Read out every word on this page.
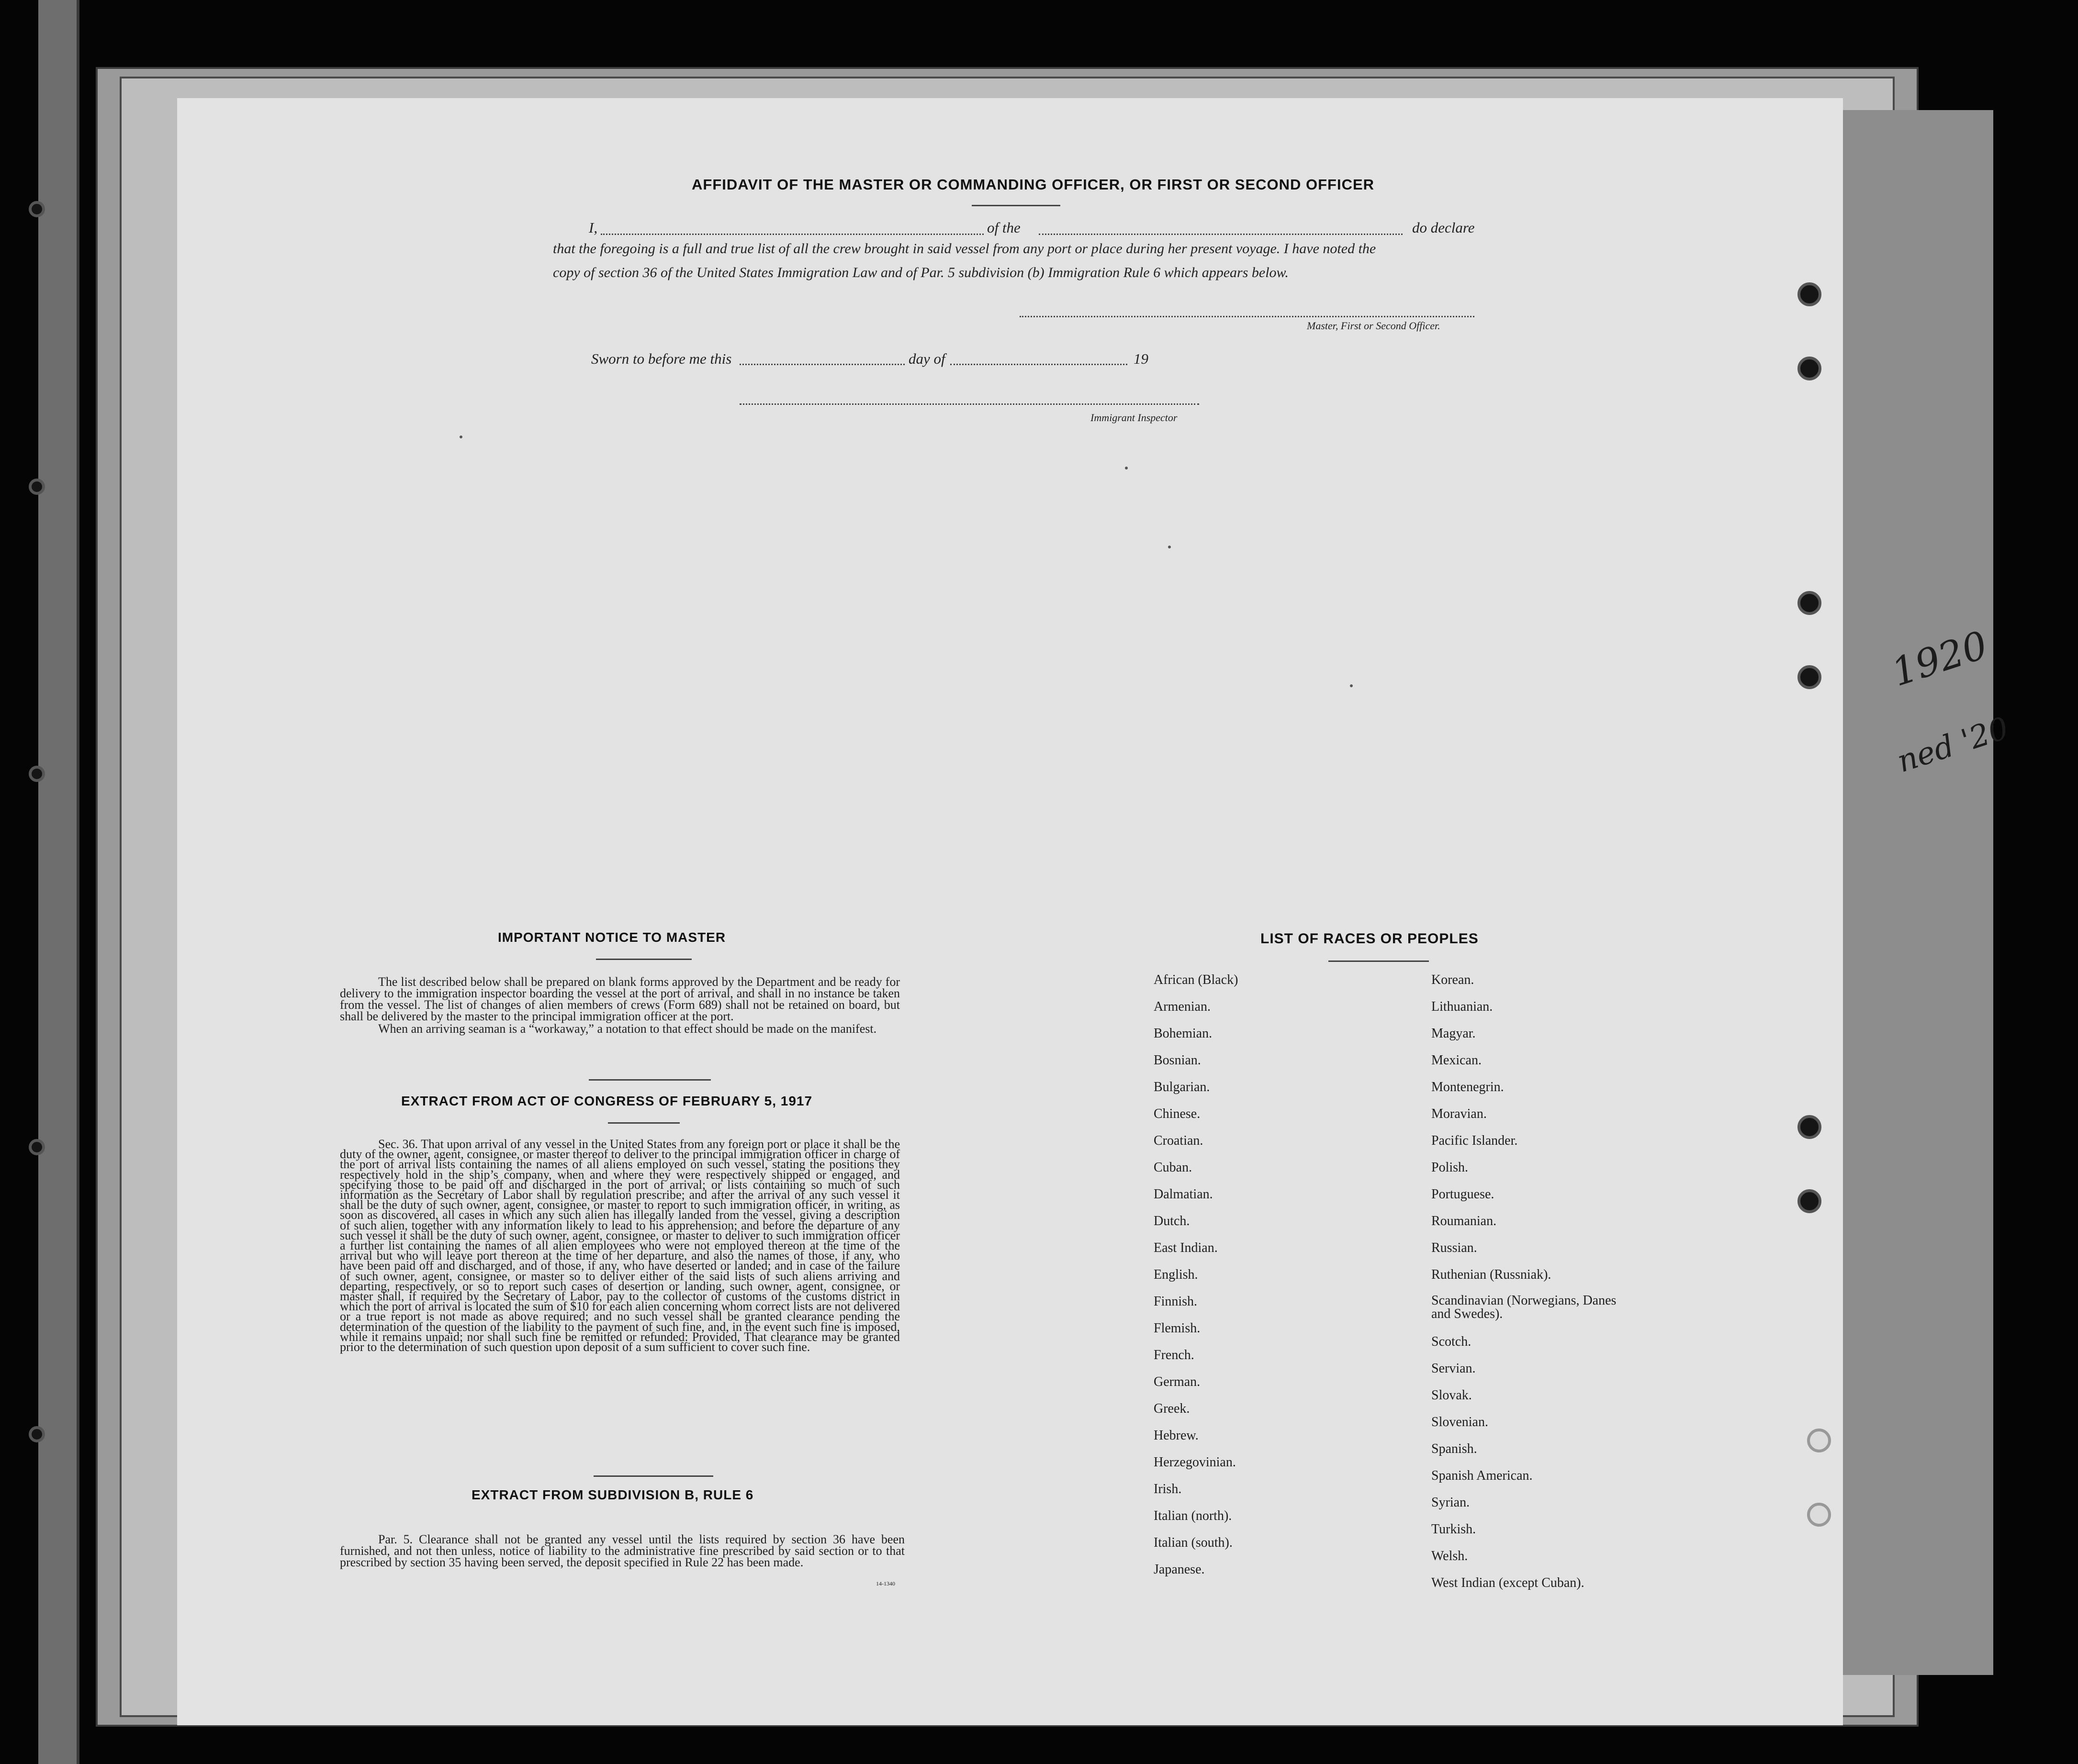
1920
ned '20
AFFIDAVIT OF THE MASTER OR COMMANDING OFFICER, OR FIRST OR SECOND OFFICER
I,	of the	do declare
that the foregoing is a full and true list of all the crew brought in said vessel from any port or place during her present voyage. I have noted the
copy of section 36 of the United States Immigration Law and of Par. 5 subdivision (b) Immigration Rule 6 which appears below.
Master, First or Second Officer.
Sworn to before me this	day of	19
Immigrant Inspector
IMPORTANT NOTICE TO MASTER
The list described below shall be prepared on blank forms approved by the Department and be ready for delivery to the immigration inspector boarding the vessel at the port of arrival, and shall in no instance be taken from the vessel. The list of changes of alien members of crews (Form 689) shall not be retained on board, but shall be delivered by the master to the principal immigration officer at the port.
When an arriving seaman is a “workaway,” a notation to that effect should be made on the manifest.
EXTRACT FROM ACT OF CONGRESS OF FEBRUARY 5, 1917
Sec. 36. That upon arrival of any vessel in the United States from any foreign port or place it shall be the duty of the owner, agent, consignee, or master thereof to deliver to the principal immigration officer in charge of the port of arrival lists containing the names of all aliens employed on such vessel, stating the positions they respectively hold in the ship’s company, when and where they were respectively shipped or engaged, and specifying those to be paid off and discharged in the port of arrival; or lists containing so much of such information as the Secretary of Labor shall by regulation prescribe; and after the arrival of any such vessel it shall be the duty of such owner, agent, consignee, or master to report to such immigration officer, in writing, as soon as discovered, all cases in which any such alien has illegally landed from the vessel, giving a description of such alien, together with any information likely to lead to his apprehension; and before the departure of any such vessel it shall be the duty of such owner, agent, consignee, or master to deliver to such immigration officer a further list containing the names of all alien employees who were not employed thereon at the time of the arrival but who will leave port thereon at the time of her departure, and also the names of those, if any, who have been paid off and discharged, and of those, if any, who have deserted or landed; and in case of the failure of such owner, agent, consignee, or master so to deliver either of the said lists of such aliens arriving and departing, respectively, or so to report such cases of desertion or landing, such owner, agent, consignee, or master shall, if required by the Secretary of Labor, pay to the collector of customs of the customs district in which the port of arrival is located the sum of $10 for each alien concerning whom correct lists are not delivered or a true report is not made as above required; and no such vessel shall be granted clearance pending the determination of the question of the liability to the payment of such fine, and, in the event such fine is imposed, while it remains unpaid; nor shall such fine be remitted or refunded: Provided, That clearance may be granted prior to the determination of such question upon deposit of a sum sufficient to cover such fine.
EXTRACT FROM SUBDIVISION B, RULE 6
Par. 5. Clearance shall not be granted any vessel until the lists required by section 36 have been furnished, and not then unless, notice of liability to the administrative fine prescribed by said section or to that prescribed by section 35 having been served, the deposit specified in Rule 22 has been made.
14-1340
LIST OF RACES OR PEOPLES
African (Black)
Armenian.
Bohemian.
Bosnian.
Bulgarian.
Chinese.
Croatian.
Cuban.
Dalmatian.
Dutch.
East Indian.
English.
Finnish.
Flemish.
French.
German.
Greek.
Hebrew.
Herzegovinian.
Irish.
Italian (north).
Italian (south).
Japanese.
Korean.
Lithuanian.
Magyar.
Mexican.
Montenegrin.
Moravian.
Pacific Islander.
Polish.
Portuguese.
Roumanian.
Russian.
Ruthenian (Russniak).
Scandinavian (Norwegians, Danes and Swedes).
Scotch.
Servian.
Slovak.
Slovenian.
Spanish.
Spanish American.
Syrian.
Turkish.
Welsh.
West Indian (except Cuban).
